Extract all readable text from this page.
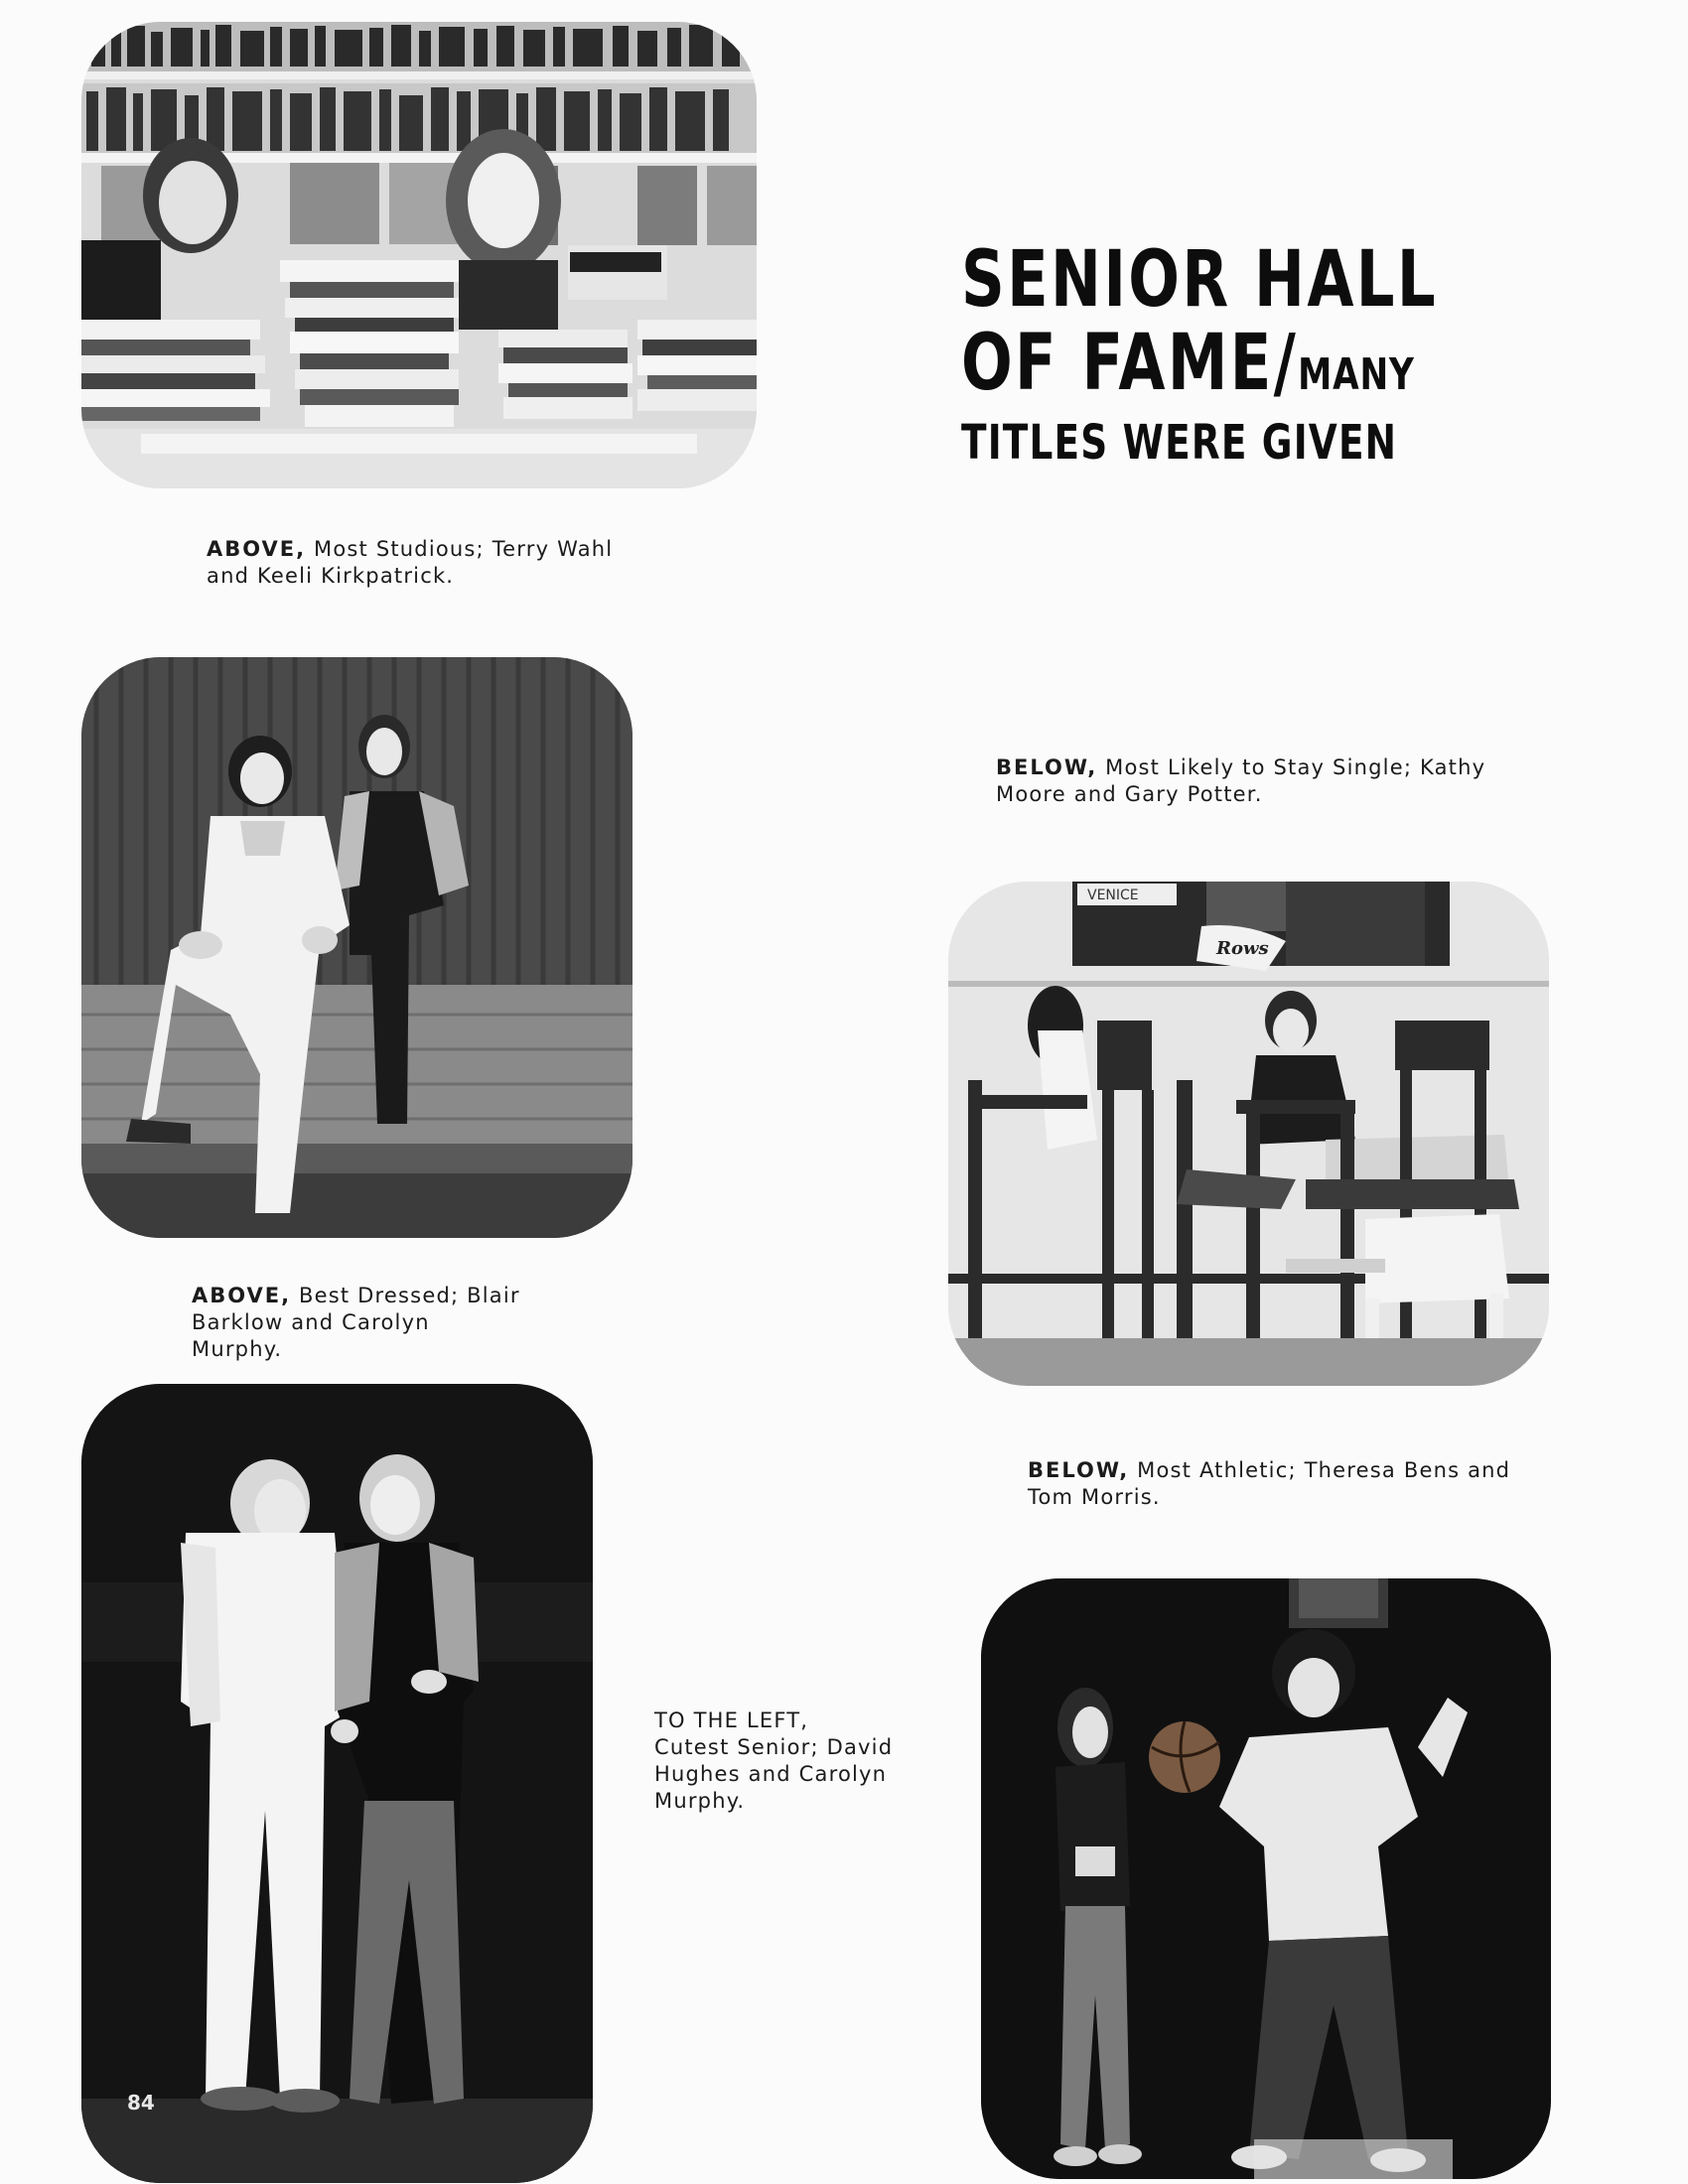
SENIOR HALL
OF FAME/MANY
TITLES WERE GIVEN
ABOVE, Most Studious; Terry Wahl
and Keeli Kirkpatrick.
ABOVE, Best Dressed; Blair
Barklow and Carolyn
Murphy.
BELOW, Most Likely to Stay Single; Kathy
Moore and Gary Potter.
VENICE
Rows
BELOW, Most Athletic; Theresa Bens and
Tom Morris.
84
TO THE LEFT,
Cutest Senior; David
Hughes and Carolyn
Murphy.
